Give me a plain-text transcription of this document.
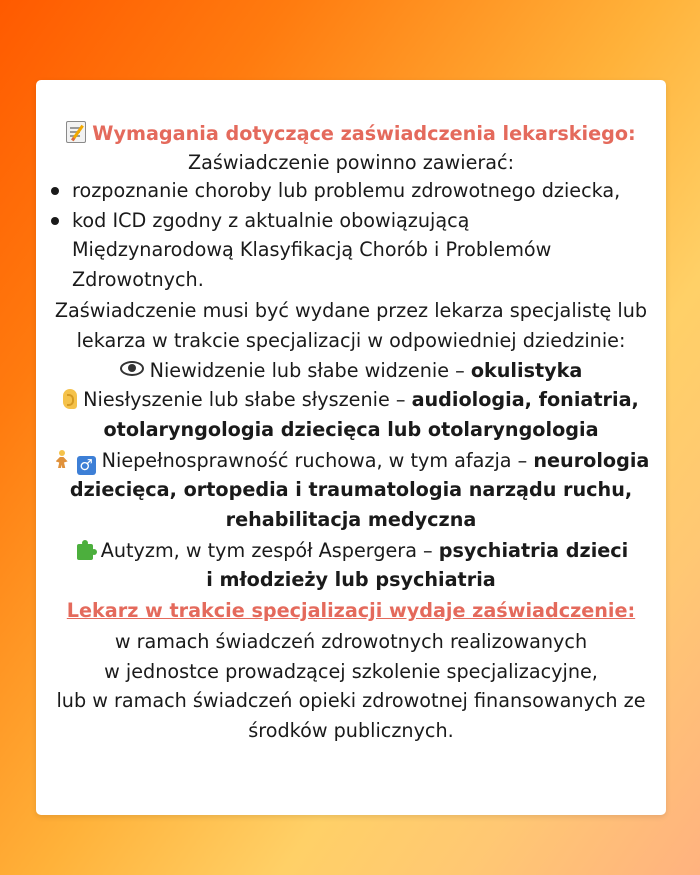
Wymagania dotyczące zaświadczenia lekarskiego:
Zaświadczenie powinno zawierać:
rozpoznanie choroby lub problemu zdrowotnego dziecka,
kod ICD zgodny z aktualnie obowiązującą
Międzynarodową Klasyfikacją Chorób i Problemów
Zdrowotnych.
Zaświadczenie musi być wydane przez lekarza specjalistę lub
lekarza w trakcie specjalizacji w odpowiedniej dziedzinie:
Niewidzenie lub słabe widzenie – okulistyka
Niesłyszenie lub słabe słyszenie – audiologia, foniatria,
otolaryngologia dziecięca lub otolaryngologia
♂ Niepełnosprawność ruchowa, w tym afazja – neurologia
dziecięca, ortopedia i traumatologia narządu ruchu,
rehabilitacja medyczna
Autyzm, w tym zespół Aspergera – psychiatria dzieci
i młodzieży lub psychiatria
Lekarz w trakcie specjalizacji wydaje zaświadczenie:
w ramach świadczeń zdrowotnych realizowanych
w jednostce prowadzącej szkolenie specjalizacyjne,
lub w ramach świadczeń opieki zdrowotnej finansowanych ze
środków publicznych.
